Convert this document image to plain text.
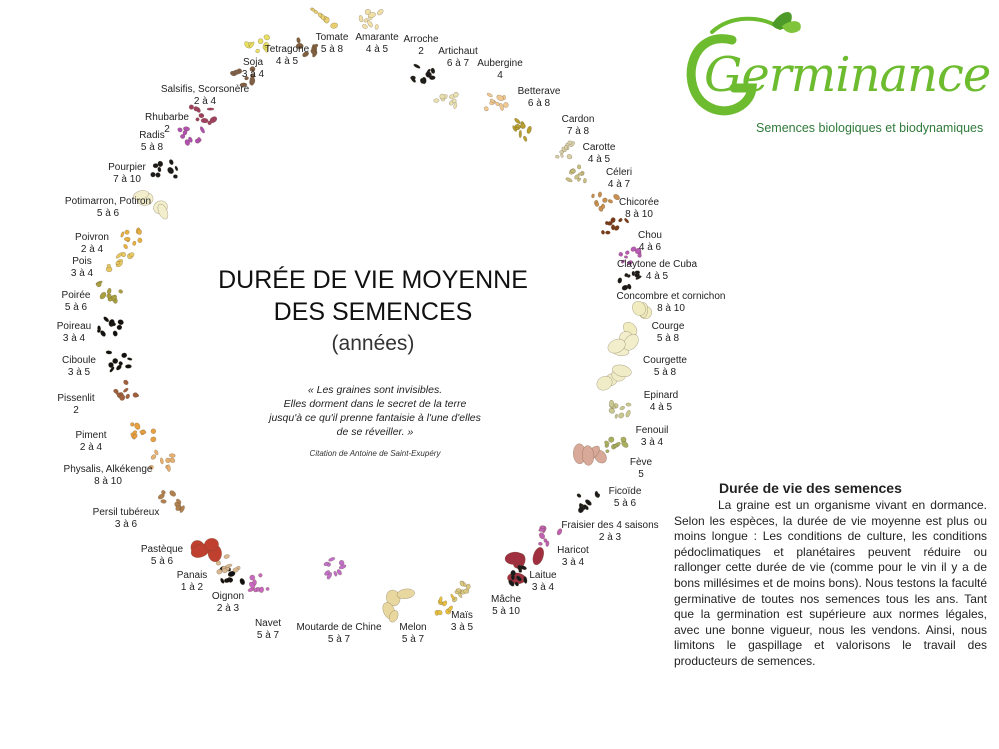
Tomate
5 à 8
Amarante
4 à 5
Arroche
2	Artichaut
6 à 7 Aubergine
4
Betterave
6 à 8
Cardon
7 à 8
Carotte
4 à 5
Céleri
4 à 7
Chicorée
8 à 10
Chou
4 à 6
Claytone de Cuba
4 à 5
Concombre et cornichon
8 à 10
Courge
5 à 8
Courgette
5 à 8
Epinard
4 à 5
Fenouil
3 à 4
Fève
5
Ficoïde
5 à 6
Fraisier des 4 saisons
2 à 3
Haricot
3 à 4
Laitue
3 à 4
Mâche
5 à 10
Maïs
3 à 5
Melon
5 à 7
Moutarde de Chine
5 à 7
Navet
5 à 7
Oignon
2 à 3
Panais
1 à 2
Pastèque
5 à 6
Persil tubéreux
3 à 6
Physalis, Alkékenge
8 à 10
Piment
2 à 4
Pissenlit
2
Ciboule
3 à 5
Poireau
3 à 4
Poirée
5 à 6
Pois
3 à 4
Poivron
2 à 4
Potimarron, Potiron
5 à 6
Pourpier
7 à 10
Radis
5 à 8
Rhubarbe
2
Salsifis, Scorsonère
2 à 4
Soja
3 à 4
Tetragone
4 à 5
DURÉE DE VIE MOYENNE
DES SEMENCES
(années)
« Les graines sont invisibles.
Elles dorment dans le secret de la terre
jusqu'à ce qu'il prenne fantaisie à l'une d'elles
de se réveiller. »
Citation de Antoine de Saint-Exupéry
Germinance
Semences biologiques et biodynamiques
Durée de vie des semences
La graine est un organisme vivant en dormance. Selon les espèces, la durée de vie moyenne est plus ou moins longue : Les conditions de culture, les conditions pédoclimatiques et planétaires peuvent réduire ou rallonger cette durée de vie (comme pour le vin il y a de bons millésimes et de moins bons). Nous testons la faculté germinative de toutes nos semences tous les ans. Tant que la germination est supérieure aux normes légales, avec une bonne vigueur, nous les vendons. Ainsi, nous limitons le gaspillage et valorisons le travail des producteurs de semences.
